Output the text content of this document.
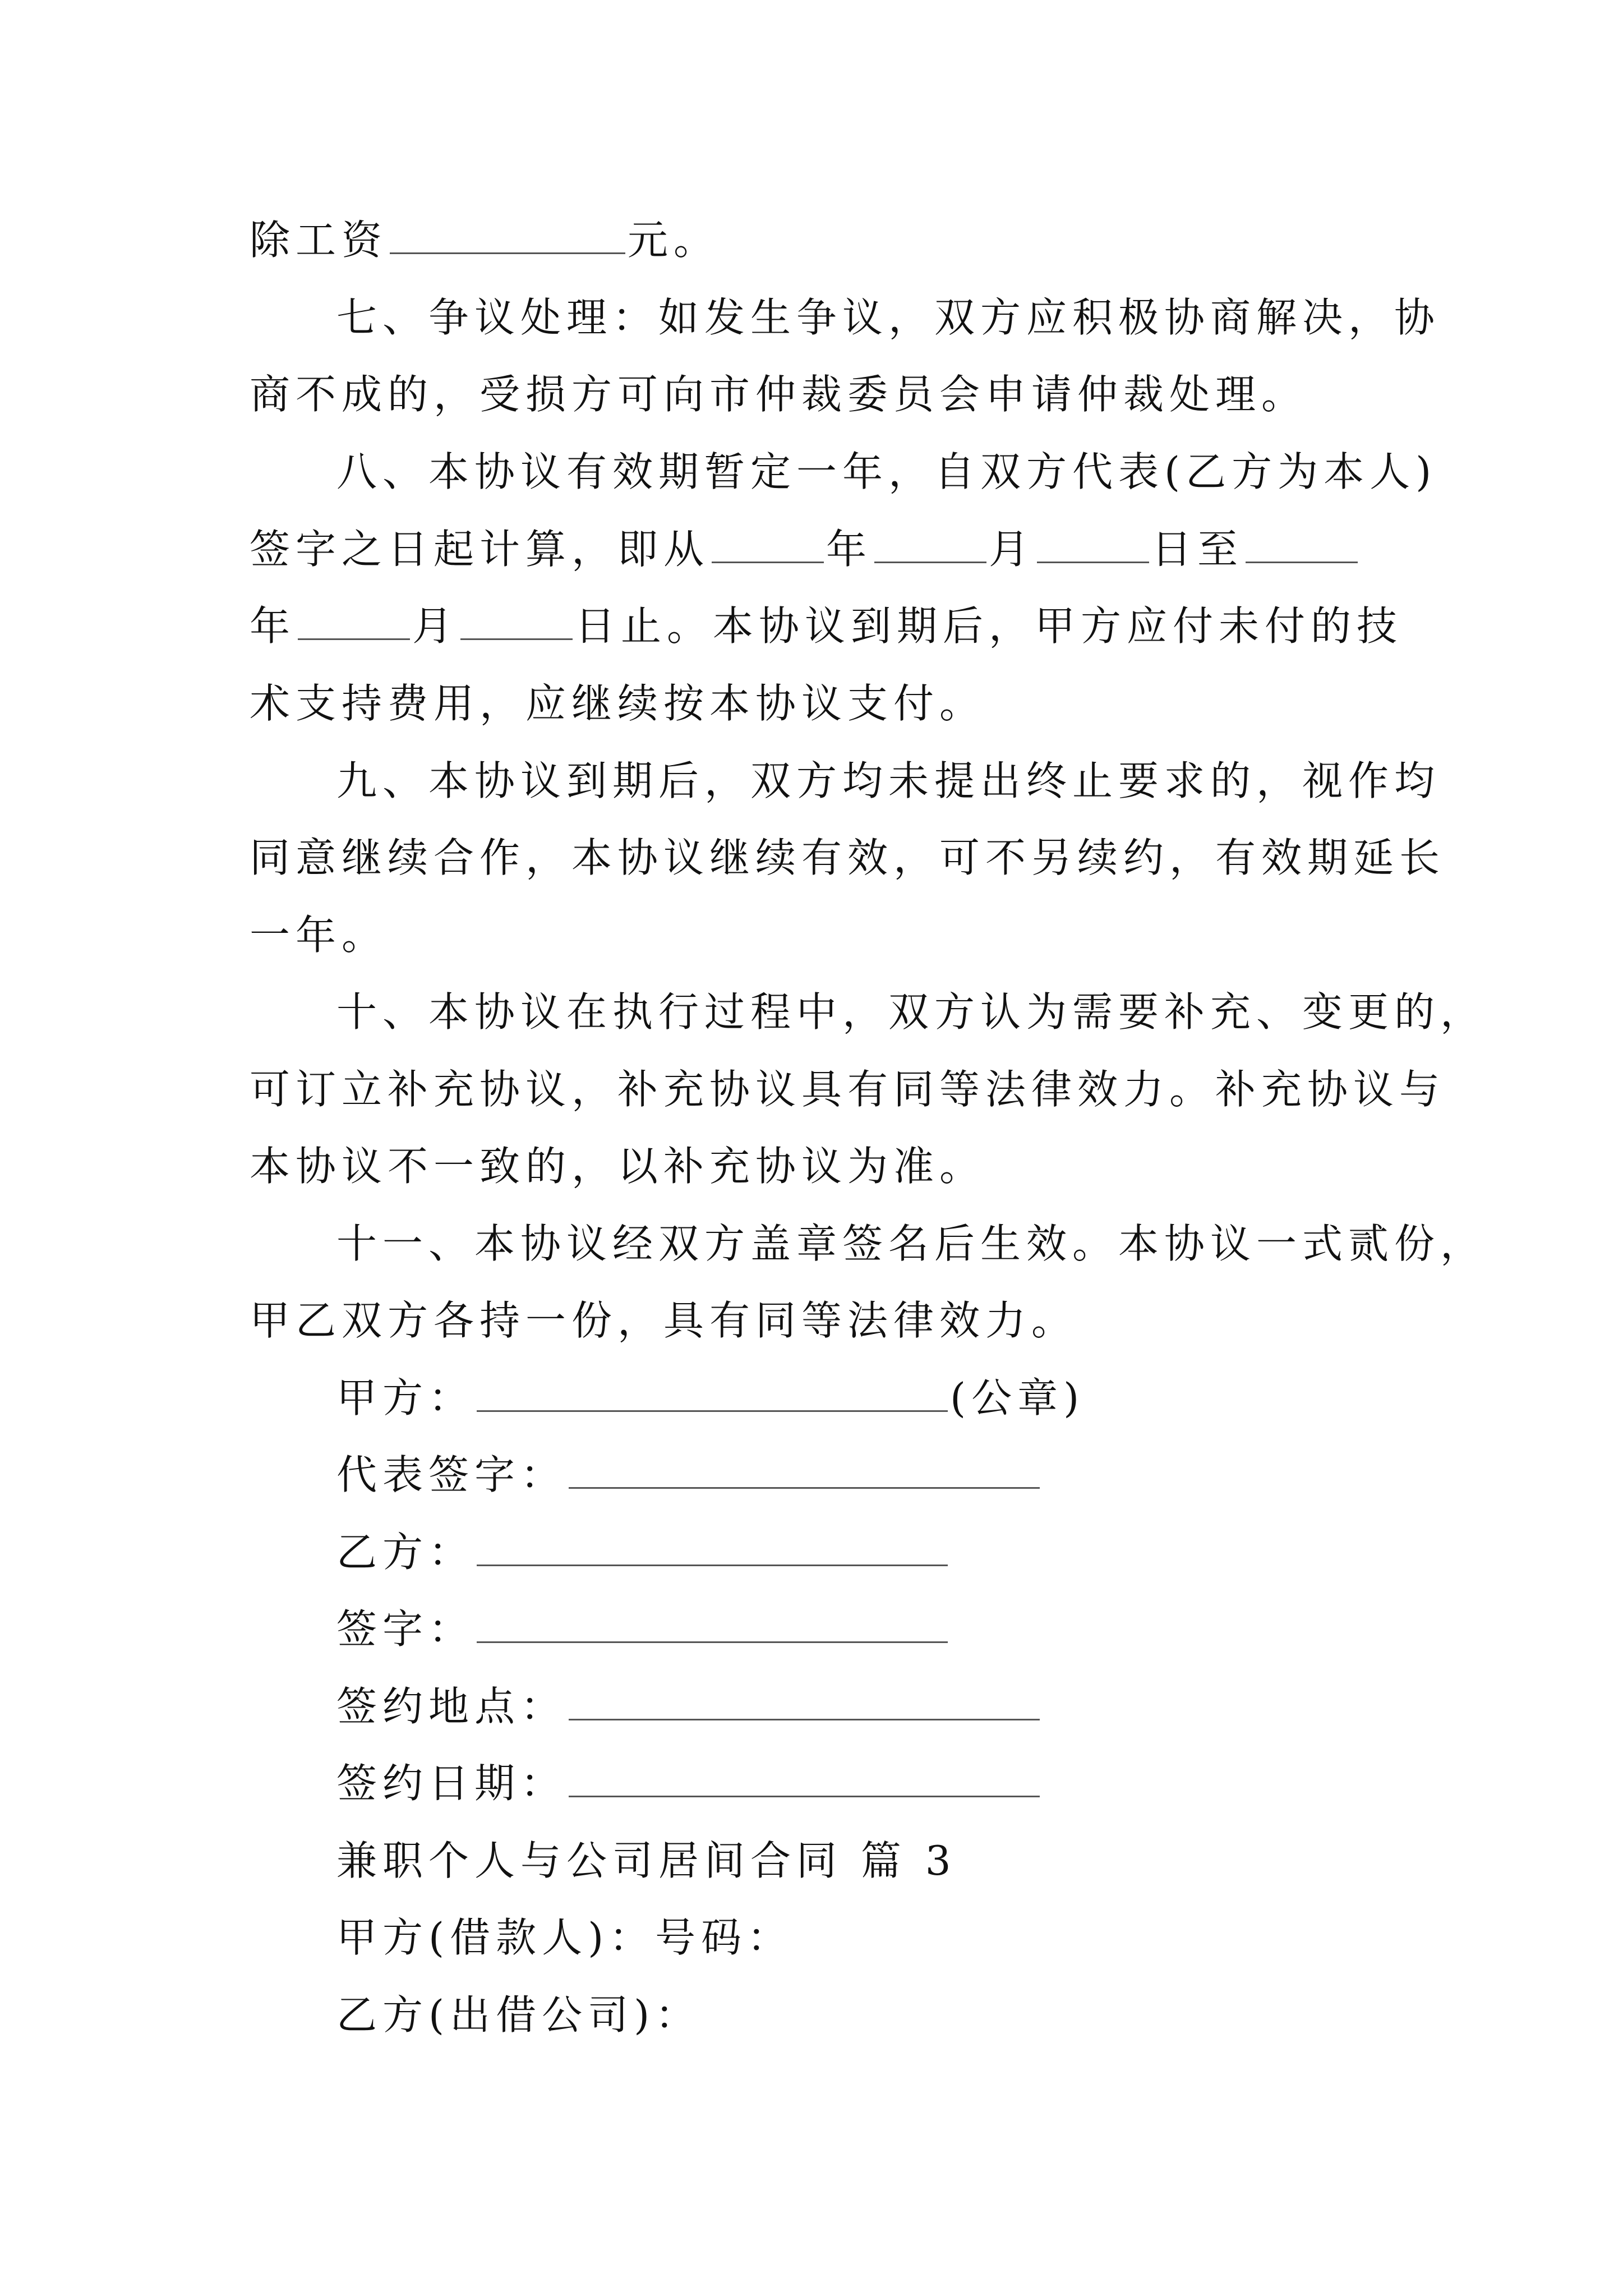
除工资	元。
七、争议处理：如发生争议，双方应积极协商解决，协
商不成的，受损方可向市仲裁委员会申请仲裁处理。
八、本协议有效期暂定一年，自双方代表(乙方为本人)
签字之日起计算，即从	年	月	日至
年	月	日止。本协议到期后，甲方应付未付的技
术支持费用，应继续按本协议支付。
九、本协议到期后，双方均未提出终止要求的，视作均
同意继续合作，本协议继续有效，可不另续约，有效期延长
一年。
十、本协议在执行过程中，双方认为需要补充、变更的，
可订立补充协议，补充协议具有同等法律效力。补充协议与
本协议不一致的，以补充协议为准。
十一、本协议经双方盖章签名后生效。本协议一式贰份，
甲乙双方各持一份，具有同等法律效力。
甲方：	(公章)
代表签字：
乙方：
签字：
签约地点：
签约日期：
兼职个人与公司居间合同 篇 3
甲方(借款人)：号码：
乙方(出借公司)：
